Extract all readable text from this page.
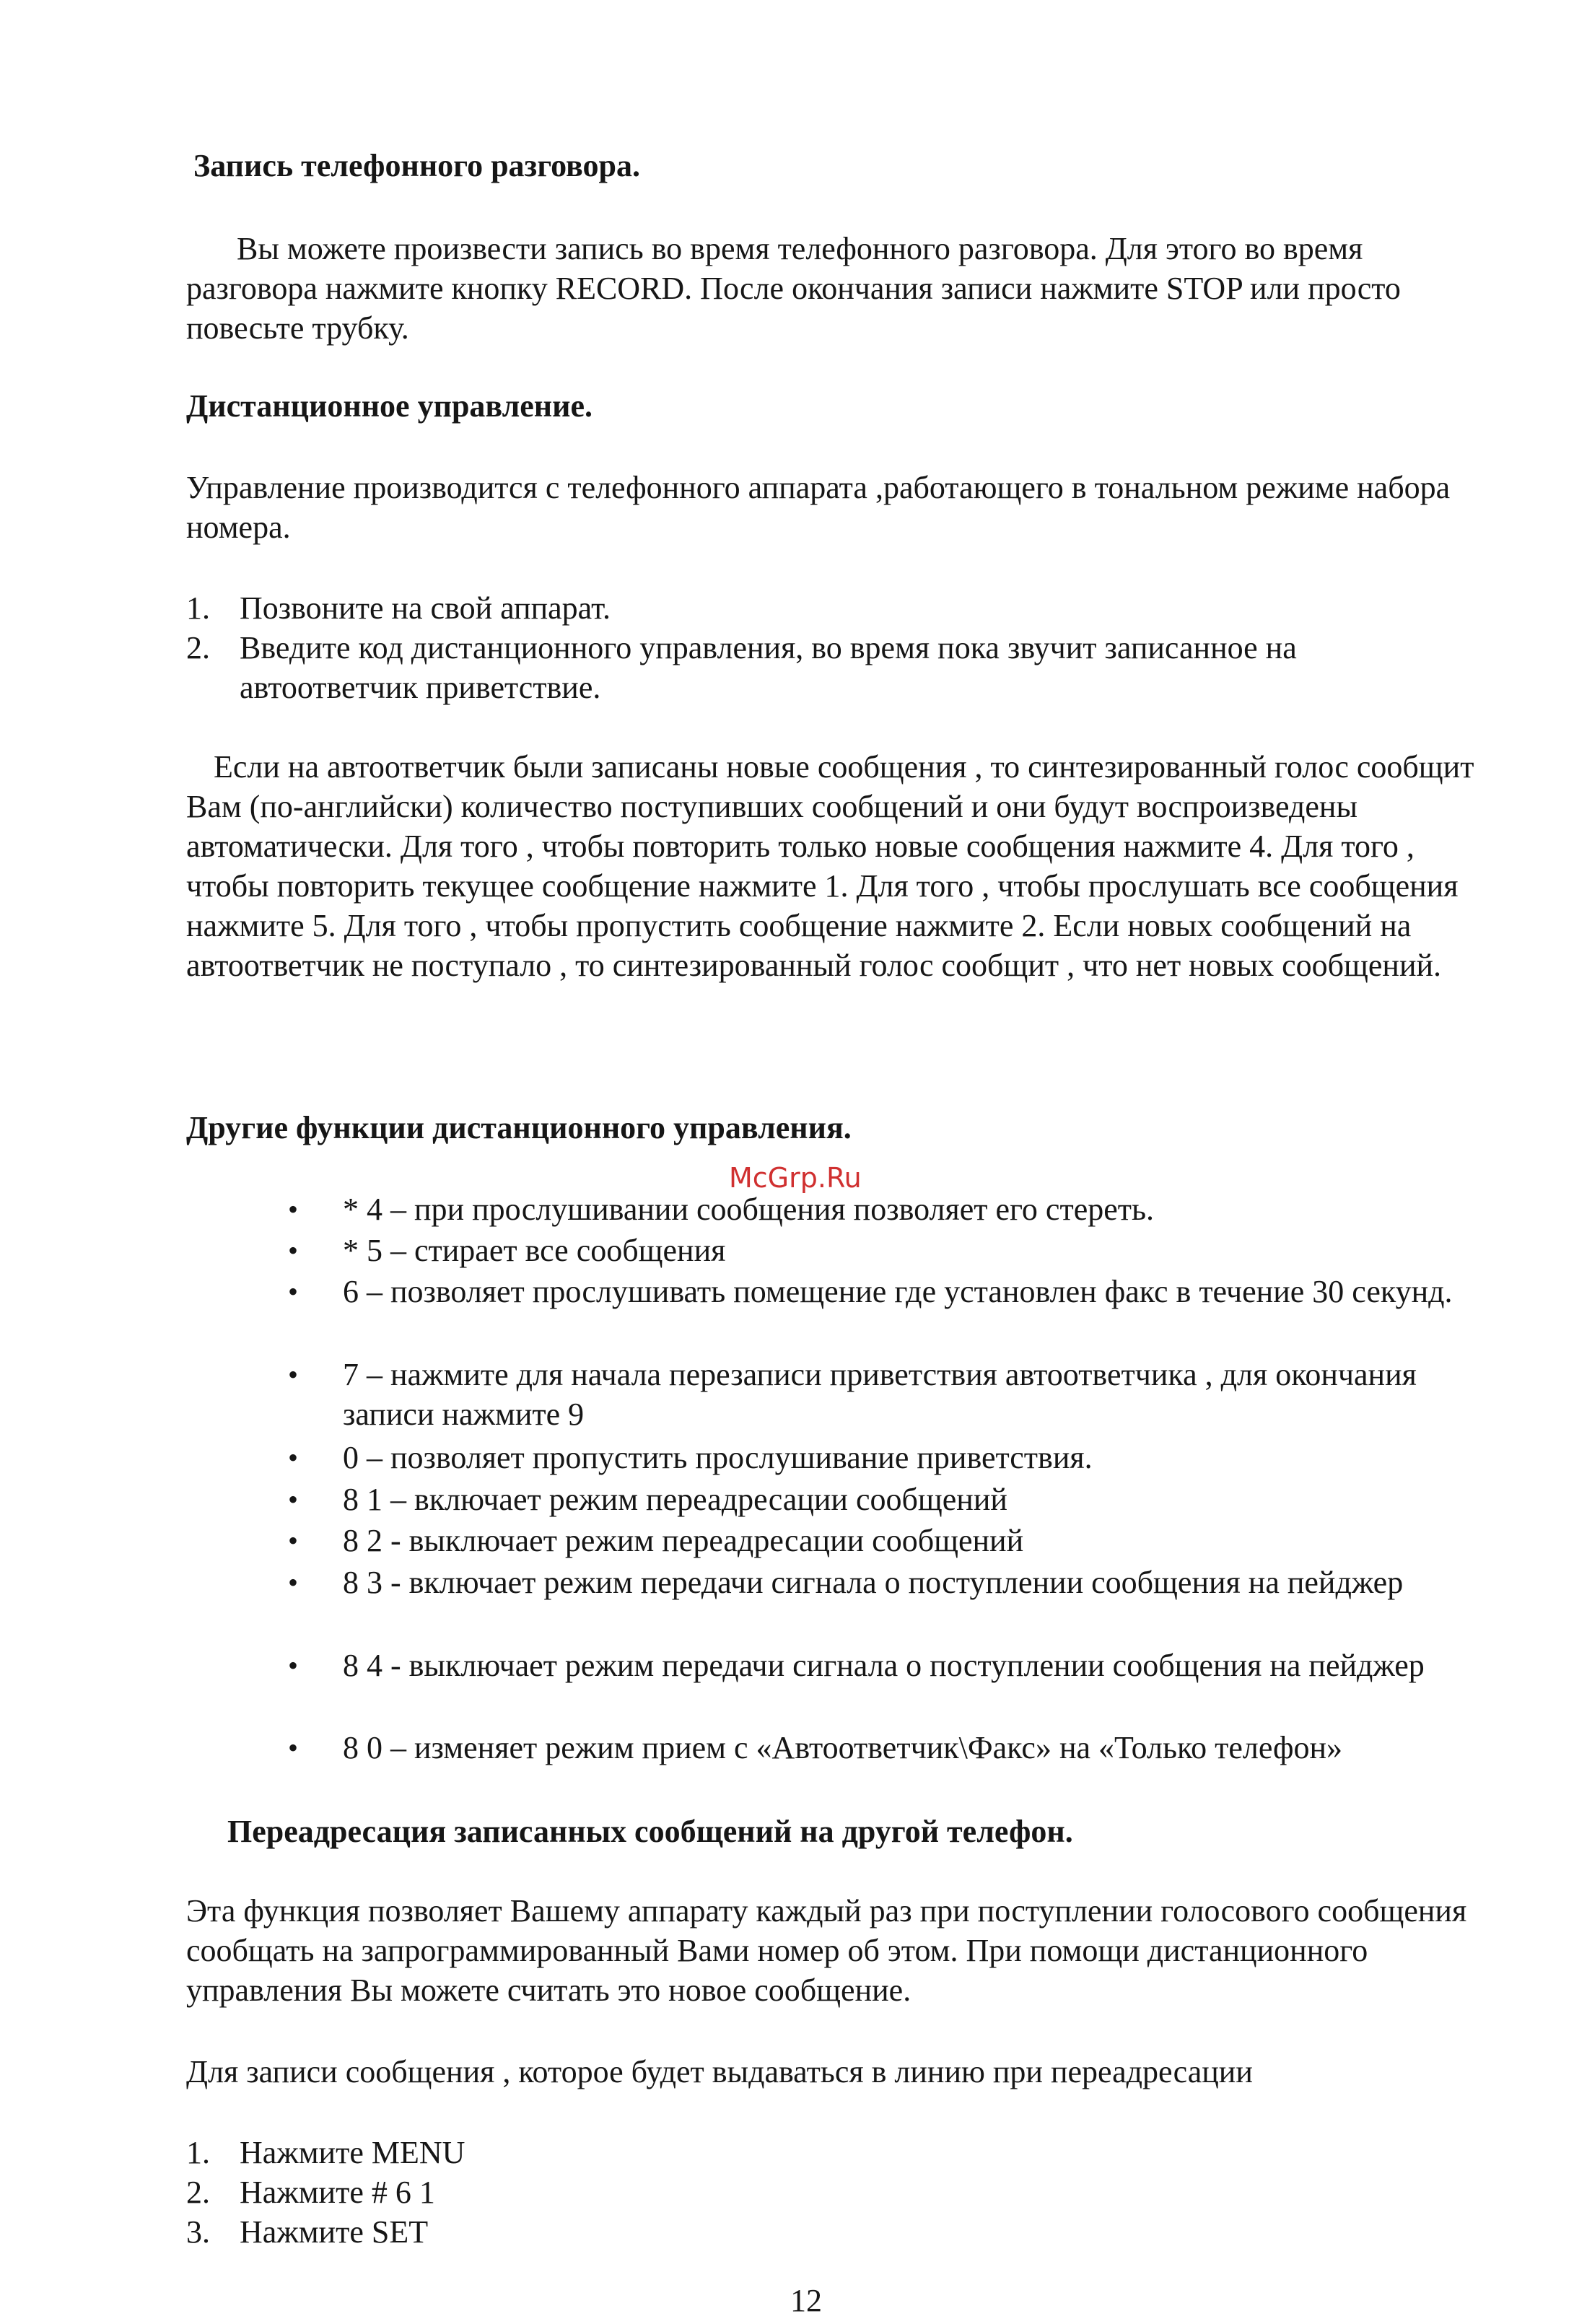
Запись телефонного разговора.

Вы можете произвести запись во время телефонного разговора. Для этого во время разговора нажмите кнопку RECORD. После окончания записи нажмите STOP или просто повесьте трубку.

Дистанционное управление.

Управление производится с телефонного аппарата ,работающего в тональном режиме набора номера.

1. Позвоните на свой аппарат.
2. Введите код дистанционного управления, во время пока звучит записанное на автоответчик приветствие.

Если на автоответчик были записаны новые сообщения , то синтезированный голос сообщит Вам (по-английски) количество поступивших сообщений и они будут воспроизведены автоматически. Для того , чтобы повторить только новые сообщения нажмите 4. Для того , чтобы повторить текущее сообщение нажмите 1. Для того , чтобы прослушать все сообщения нажмите 5. Для того , чтобы пропустить сообщение нажмите 2. Если новых сообщений на автоответчик не поступало , то синтезированный голос сообщит , что нет новых сообщений.

Другие функции дистанционного управления.
McGrp.Ru
• * 4 – при прослушивании сообщения позволяет его стереть.
• * 5 – стирает все сообщения
• 6 – позволяет прослушивать помещение где установлен факс в течение 30 секунд.
• 7 – нажмите для начала перезаписи приветствия автоответчика , для окончания записи нажмите 9
• 0 – позволяет пропустить прослушивание приветствия.
• 8 1 – включает режим переадресации сообщений
• 8 2 - выключает режим переадресации сообщений
• 8 3 - включает режим передачи сигнала о поступлении сообщения на пейджер
• 8 4 - выключает режим передачи сигнала о поступлении сообщения на пейджер
• 8 0 – изменяет режим прием с «Автоответчик\Факс» на «Только телефон»
Переадресация записанных сообщений на другой телефон.

Эта функция позволяет Вашему аппарату каждый раз при поступлении голосового сообщения сообщать на запрограммированный Вами номер об этом. При помощи дистанционного управления Вы можете считать это новое сообщение.

Для записи сообщения , которое будет выдаваться в линию при переадресации

1. Нажмите MENU
2. Нажмите # 6 1
3. Нажмите SET
12
